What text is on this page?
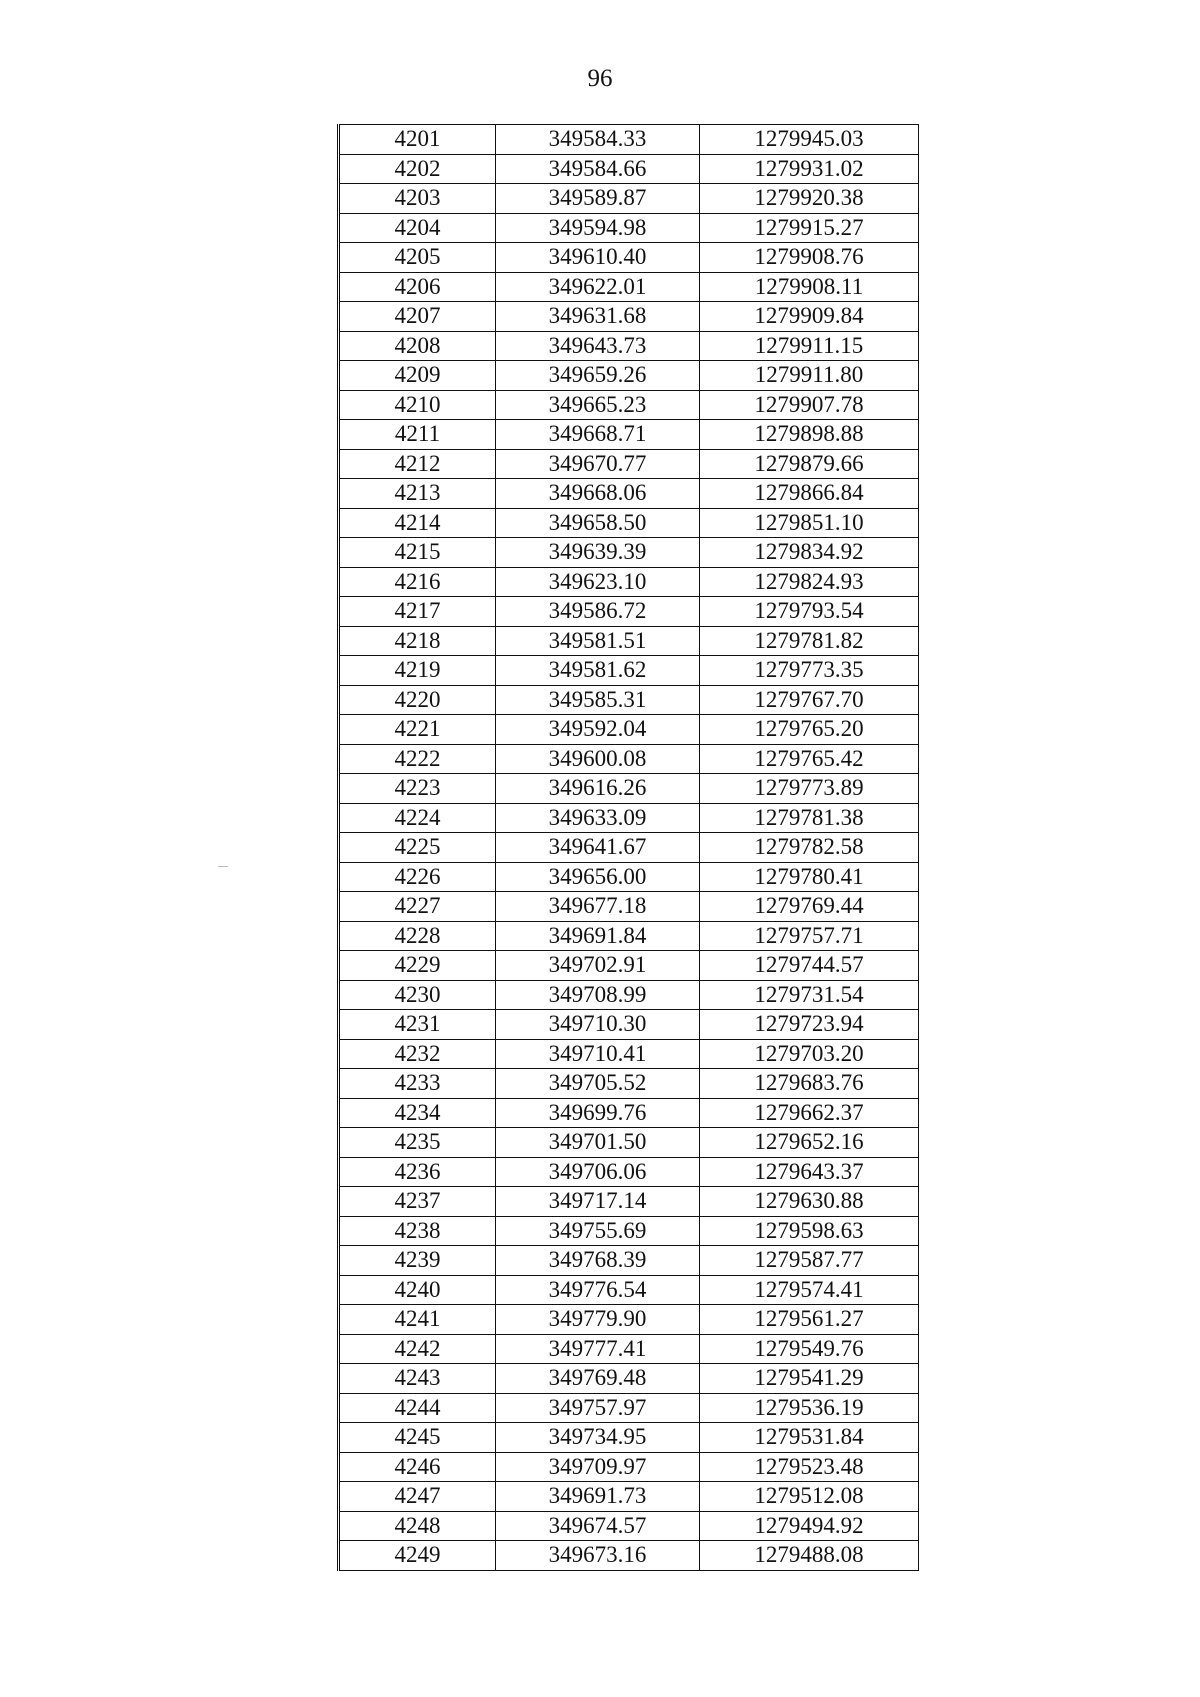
96
4201	349584.33	1279945.03
4202	349584.66	1279931.02
4203	349589.87	1279920.38
4204	349594.98	1279915.27
4205	349610.40	1279908.76
4206	349622.01	1279908.11
4207	349631.68	1279909.84
4208	349643.73	1279911.15
4209	349659.26	1279911.80
4210	349665.23	1279907.78
4211	349668.71	1279898.88
4212	349670.77	1279879.66
4213	349668.06	1279866.84
4214	349658.50	1279851.10
4215	349639.39	1279834.92
4216	349623.10	1279824.93
4217	349586.72	1279793.54
4218	349581.51	1279781.82
4219	349581.62	1279773.35
4220	349585.31	1279767.70
4221	349592.04	1279765.20
4222	349600.08	1279765.42
4223	349616.26	1279773.89
4224	349633.09	1279781.38
4225	349641.67	1279782.58
4226	349656.00	1279780.41
4227	349677.18	1279769.44
4228	349691.84	1279757.71
4229	349702.91	1279744.57
4230	349708.99	1279731.54
4231	349710.30	1279723.94
4232	349710.41	1279703.20
4233	349705.52	1279683.76
4234	349699.76	1279662.37
4235	349701.50	1279652.16
4236	349706.06	1279643.37
4237	349717.14	1279630.88
4238	349755.69	1279598.63
4239	349768.39	1279587.77
4240	349776.54	1279574.41
4241	349779.90	1279561.27
4242	349777.41	1279549.76
4243	349769.48	1279541.29
4244	349757.97	1279536.19
4245	349734.95	1279531.84
4246	349709.97	1279523.48
4247	349691.73	1279512.08
4248	349674.57	1279494.92
4249	349673.16	1279488.08
